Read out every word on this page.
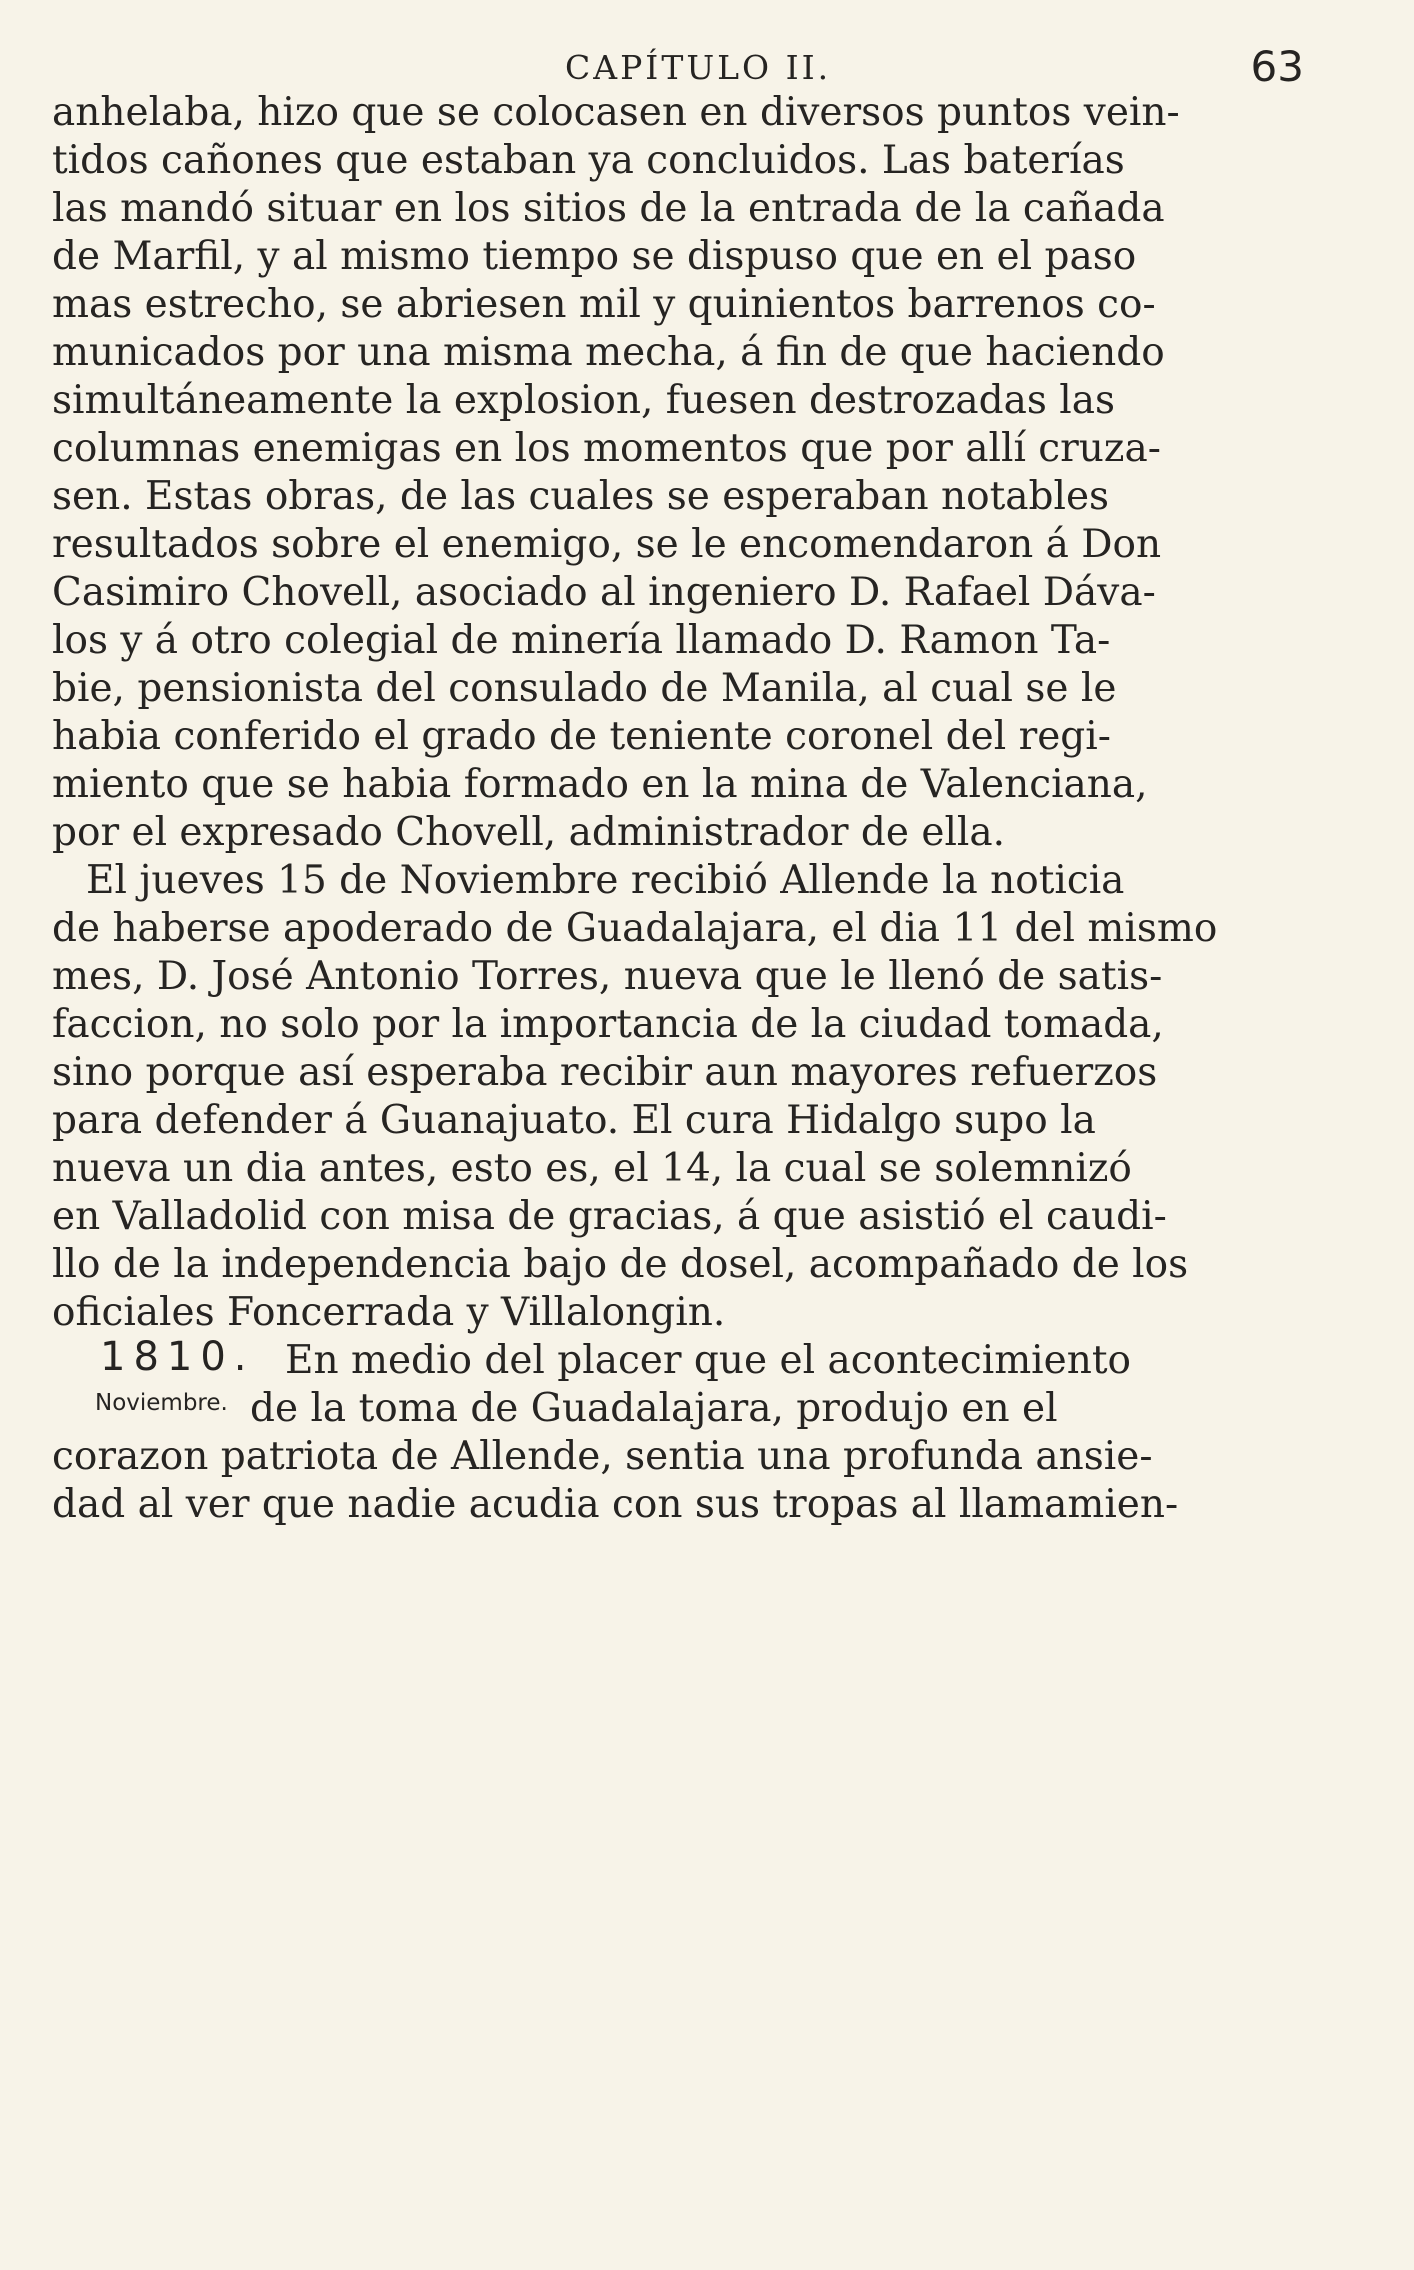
CAPÍTULO II.	63
anhelaba, hizo que se colocasen en diversos puntos vein-
tidos cañones que estaban ya concluidos. Las baterías
las mandó situar en los sitios de la entrada de la cañada
de Marfil, y al mismo tiempo se dispuso que en el paso
mas estrecho, se abriesen mil y quinientos barrenos co-
municados por una misma mecha, á fin de que haciendo
simultáneamente la explosion, fuesen destrozadas las
columnas enemigas en los momentos que por allí cruza-
sen. Estas obras, de las cuales se esperaban notables
resultados sobre el enemigo, se le encomendaron á Don
Casimiro Chovell, asociado al ingeniero D. Rafael Dáva-
los y á otro colegial de minería llamado D. Ramon Ta-
bie, pensionista del consulado de Manila, al cual se le
habia conferido el grado de teniente coronel del regi-
miento que se habia formado en la mina de Valenciana,
por el expresado Chovell, administrador de ella.
El jueves 15 de Noviembre recibió Allende la noticia
de haberse apoderado de Guadalajara, el dia 11 del mismo
mes, D. José Antonio Torres, nueva que le llenó de satis-
faccion, no solo por la importancia de la ciudad tomada,
sino porque así esperaba recibir aun mayores refuerzos
para defender á Guanajuato. El cura Hidalgo supo la
nueva un dia antes, esto es, el 14, la cual se solemnizó
en Valladolid con misa de gracias, á que asistió el caudi-
llo de la independencia bajo de dosel, acompañado de los
oficiales Foncerrada y Villalongin.
En medio del placer que el acontecimiento
de la toma de Guadalajara, produjo en el
corazon patriota de Allende, sentia una profunda ansie-
dad al ver que nadie acudia con sus tropas al llamamien-
1810.
Noviembre.
